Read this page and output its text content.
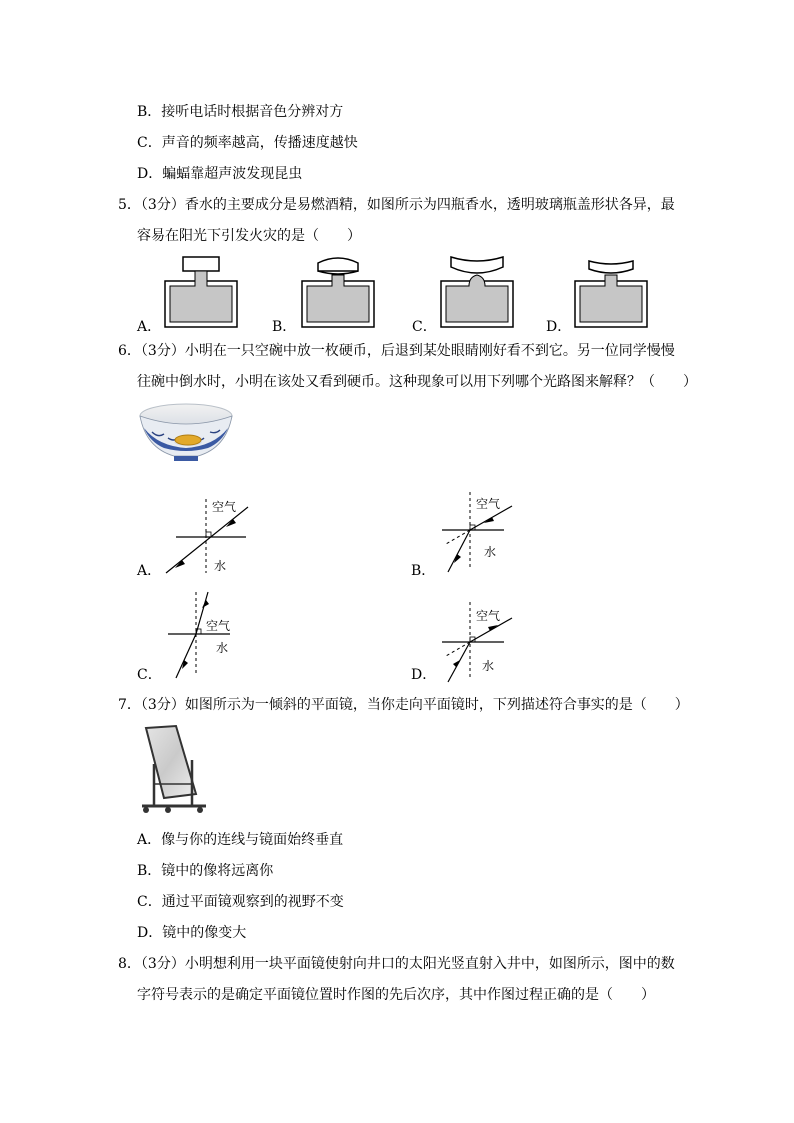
B．接听电话时根据音色分辨对方
C．声音的频率越高，传播速度越快
D．蝙蝠靠超声波发现昆虫
5．（3分）香水的主要成分是易燃酒精，如图所示为四瓶香水，透明玻璃瓶盖形状各异，最
容易在阳光下引发火灾的是（　　）
A．	B．	C．	D．
6．（3分）小明在一只空碗中放一枚硬币，后退到某处眼睛刚好看不到它。另一位同学慢慢
往碗中倒水时，小明在该处又看到硬币。这种现象可以用下列哪个光路图来解释？（　　）
A．	B．
C．	D．
空气
水
空气
水
空气
水
空气
水
7．（3分）如图所示为一倾斜的平面镜，当你走向平面镜时，下列描述符合事实的是（　　）
A．像与你的连线与镜面始终垂直
B．镜中的像将远离你
C．通过平面镜观察到的视野不变
D．镜中的像变大
8．（3分）小明想利用一块平面镜使射向井口的太阳光竖直射入井中，如图所示，图中的数
字符号表示的是确定平面镜位置时作图的先后次序，其中作图过程正确的是（　　）
